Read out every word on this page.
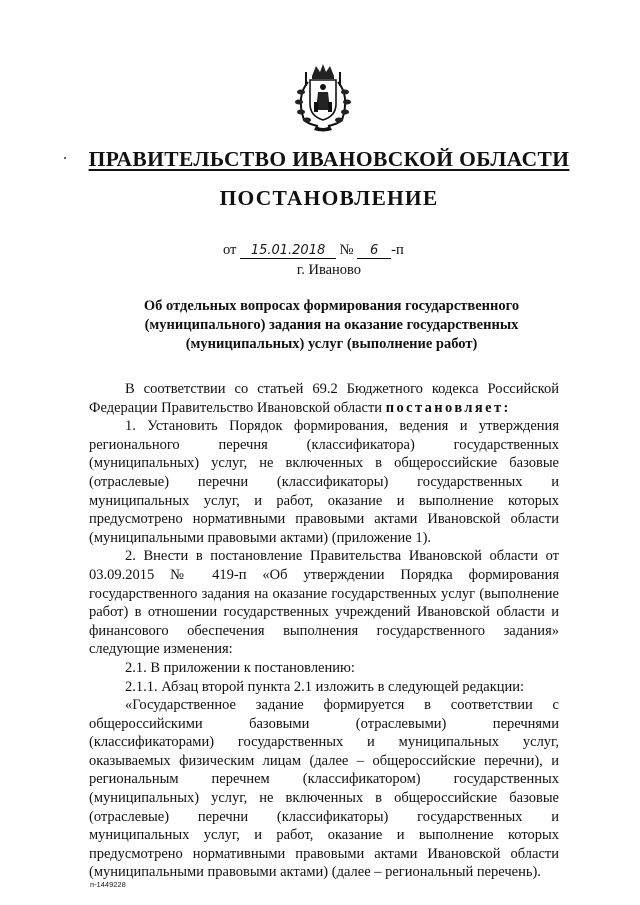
ПРАВИТЕЛЬСТВО ИВАНОВСКОЙ ОБЛАСТИ
ПОСТАНОВЛЕНИЕ
от 15.01.2018 № 6 -п
г. Иваново
Об отдельных вопросах формирования государственного
(муниципального) задания на оказание государственных
(муниципальных) услуг (выполнение работ)

В соответствии со статьей 69.2 Бюджетного кодекса Российской Федерации Правительство Ивановской области постановляет:

1. Установить Порядок формирования, ведения и утверждения регионального перечня (классификатора) государственных (муниципальных) услуг, не включенных в общероссийские базовые (отраслевые) перечни (классификаторы) государственных и муниципальных услуг, и работ, оказание и выполнение которых предусмотрено нормативными правовыми актами Ивановской области (муниципальными правовыми актами) (приложение 1).

2. Внести в постановление Правительства Ивановской области от 03.09.2015 № 419-п «Об утверждении Порядка формирования государственного задания на оказание государственных услуг (выполнение работ) в отношении государственных учреждений Ивановской области и финансового обеспечения выполнения государственного задания» следующие изменения:

2.1. В приложении к постановлению:

2.1.1. Абзац второй пункта 2.1 изложить в следующей редакции:

«Государственное задание формируется в соответствии с общероссийскими базовыми (отраслевыми) перечнями (классификаторами) государственных и муниципальных услуг, оказываемых физическим лицам (далее – общероссийские перечни), и региональным перечнем (классификатором) государственных (муниципальных) услуг, не включенных в общероссийские базовые (отраслевые) перечни (классификаторы) государственных и муниципальных услуг, и работ, оказание и выполнение которых предусмотрено нормативными правовыми актами Ивановской области (муниципальными правовыми актами) (далее – региональный перечень).

п-1449228
